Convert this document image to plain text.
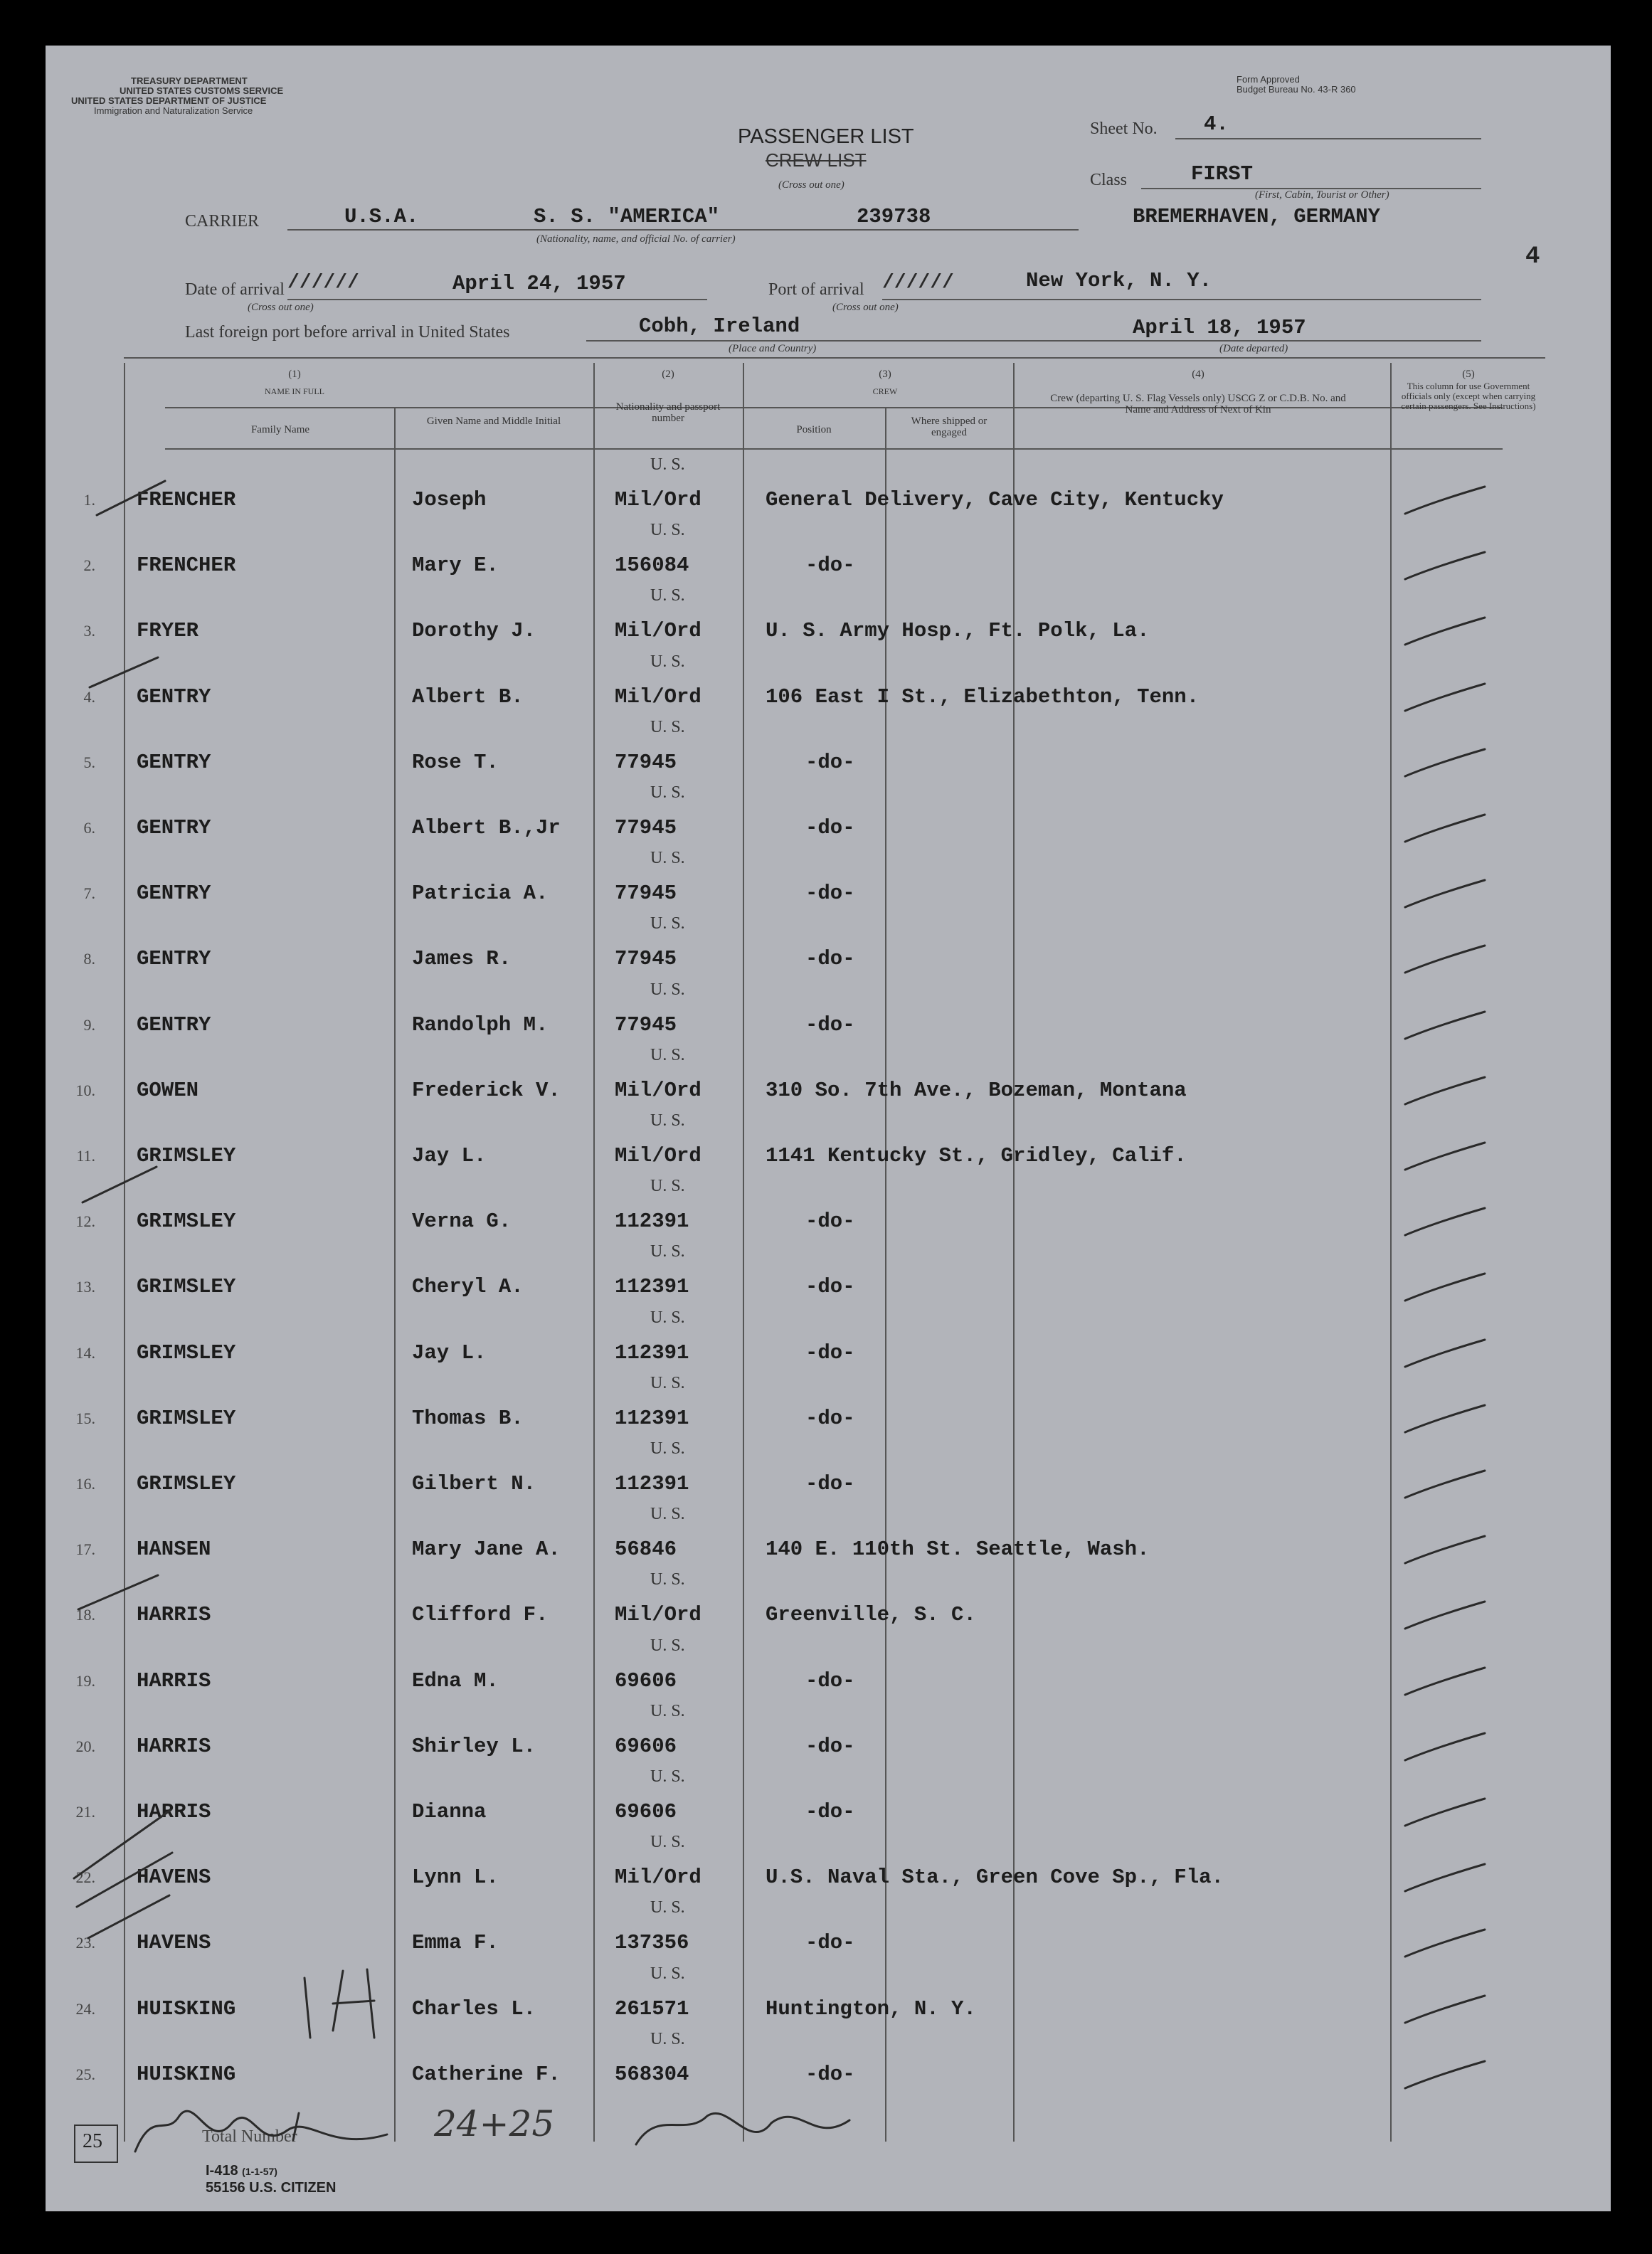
TREASURY DEPARTMENT
UNITED STATES CUSTOMS SERVICE
UNITED STATES DEPARTMENT OF JUSTICE
Immigration and Naturalization Service
Form Approved
Budget Bureau No. 43-R 360
PASSENGER LIST
CREW LIST
(Cross out one)
Sheet No. 4.
Class	FIRST
(First, Cabin, Tourist or Other)
CARRIER	U.S.A.	S. S. "AMERICA"	239738
(Nationality, name, and official No. of carrier)
BREMERHAVEN, GERMANY
4
Date of arrival //////	April 24, 1957
(Cross out one)
Port of arrival //////	New York, N. Y.
(Cross out one)
Last foreign port before arrival in United States	Cobh, Ireland
(Place and Country)
April 18, 1957
(Date departed)
(1)
NAME IN FULL
Family Name
Given Name and Middle Initial
(2)
Nationality and passport number
(3)
CREW
Position
Where shipped or engaged
(4)
Crew (departing U. S. Flag Vessels only) USCG Z or C.D.B. No. and Name and Address of Next of Kin
(5)
This column for use Government officials only (except when carrying certain passengers. See Instructions)
1.
U. S.
FRENCHER	Joseph	Mil/Ord	General Delivery, Cave City, Kentucky
2.
U. S.
FRENCHER	Mary E.	156084	-do-
3.
U. S.
FRYER	Dorothy J.	Mil/Ord	U. S. Army Hosp., Ft. Polk, La.
4.
U. S.
GENTRY	Albert B.	Mil/Ord	106 East I St., Elizabethton, Tenn.
5.
U. S.
GENTRY	Rose T.	77945	-do-
6.
U. S.
GENTRY	Albert B.,Jr	77945	-do-
7.
U. S.
GENTRY	Patricia A.	77945	-do-
8.
U. S.
GENTRY	James R.	77945	-do-
9.
U. S.
GENTRY	Randolph M.	77945	-do-
10.
U. S.
GOWEN	Frederick V.	Mil/Ord	310 So. 7th Ave., Bozeman, Montana
11.
U. S.
GRIMSLEY	Jay L.	Mil/Ord	1141 Kentucky St., Gridley, Calif.
12.
U. S.
GRIMSLEY	Verna G.	112391	-do-
13.
U. S.
GRIMSLEY	Cheryl A.	112391	-do-
14.
U. S.
GRIMSLEY	Jay L.	112391	-do-
15.
U. S.
GRIMSLEY	Thomas B.	112391	-do-
16.
U. S.
GRIMSLEY	Gilbert N.	112391	-do-
17.
U. S.
HANSEN	Mary Jane A.	56846	140 E. 110th St. Seattle, Wash.
18.
U. S.
HARRIS	Clifford F.	Mil/Ord	Greenville, S. C.
19.
U. S.
HARRIS	Edna M.	69606	-do-
20.
U. S.
HARRIS	Shirley L.	69606	-do-
21.
U. S.
HARRIS	Dianna	69606	-do-
22.
U. S.
HAVENS	Lynn L.	Mil/Ord	U.S. Naval Sta., Green Cove Sp., Fla.
23.
U. S.
HAVENS	Emma F.	137356	-do-
24.
U. S.
HUISKING	Charles L.	261571	Huntington, N. Y.
25.
U. S.
HUISKING	Catherine F.	568304	-do-
25	Total Number	24+25
I-418 (1-1-57)
55156 U.S. CITIZEN
